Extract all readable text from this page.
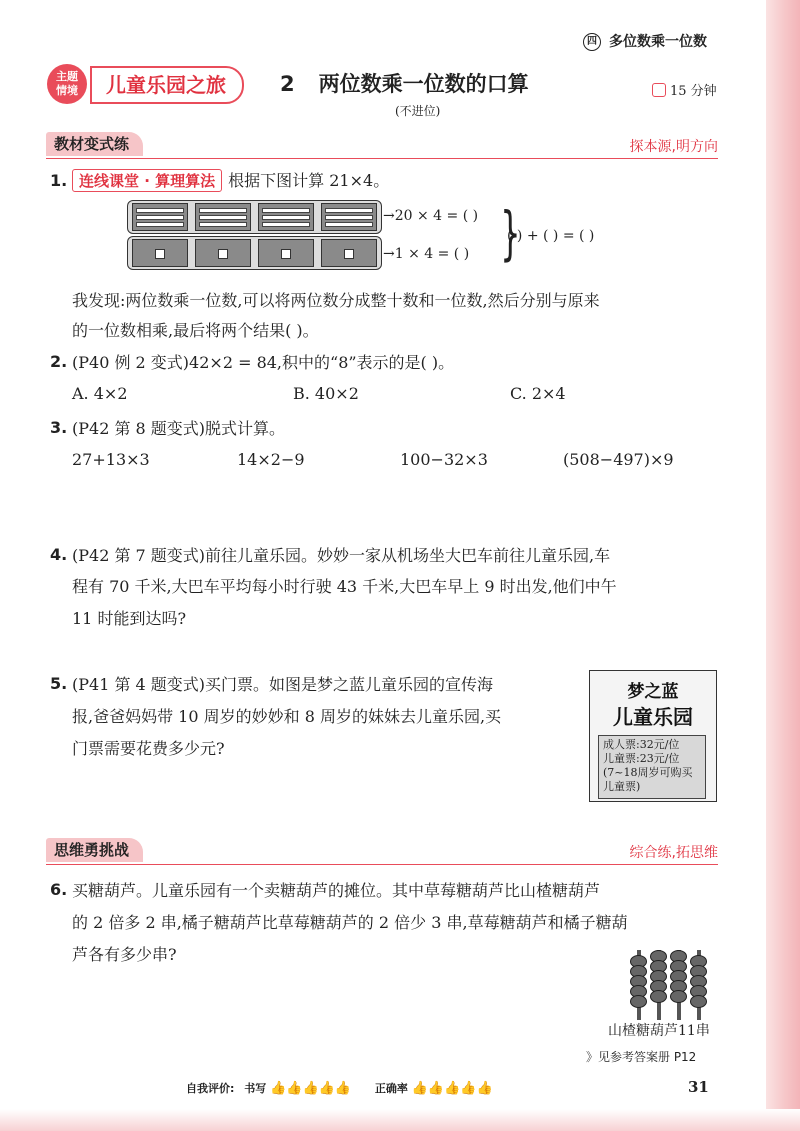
四 多位数乘一位数
主题情境	儿童乐园之旅	2 两位数乘一位数的口算
(不进位)
15 分钟
教材变式练	探本源,明方向
1. 连线课堂 · 算理算法 根据下图计算 21×4。
→20 × 4 = ( )
→1 × 4 = ( ) }
( ) + ( ) = ( )
我发现:两位数乘一位数,可以将两位数分成整十数和一位数,然后分别与原来
的一位数相乘,最后将两个结果( )。
2. (P40 例 2 变式)42×2 = 84,积中的“8”表示的是( )。
A. 4×2	B. 40×2	C. 2×4
3. (P42 第 8 题变式)脱式计算。
27+13×3	14×2−9	100−32×3	(508−497)×9
4. (P42 第 7 题变式)前往儿童乐园。妙妙一家从机场坐大巴车前往儿童乐园,车
程有 70 千米,大巴车平均每小时行驶 43 千米,大巴车早上 9 时出发,他们中午
11 时能到达吗?
5. (P41 第 4 题变式)买门票。如图是梦之蓝儿童乐园的宣传海
报,爸爸妈妈带 10 周岁的妙妙和 8 周岁的妹妹去儿童乐园,买
门票需要花费多少元?
梦之蓝
儿童乐园
成人票:32元/位
儿童票:23元/位
(7~18周岁可购买
儿童票)
思维勇挑战	综合练,拓思维
6. 买糖葫芦。儿童乐园有一个卖糖葫芦的摊位。其中草莓糖葫芦比山楂糖葫芦
的 2 倍多 2 串,橘子糖葫芦比草莓糖葫芦的 2 倍少 3 串,草莓糖葫芦和橘子糖葫
芦各有多少串?
山楂糖葫芦11串
》见参考答案册 P12
自我评价: 书写 👍👍👍👍👍 正确率 👍👍👍👍👍	31
